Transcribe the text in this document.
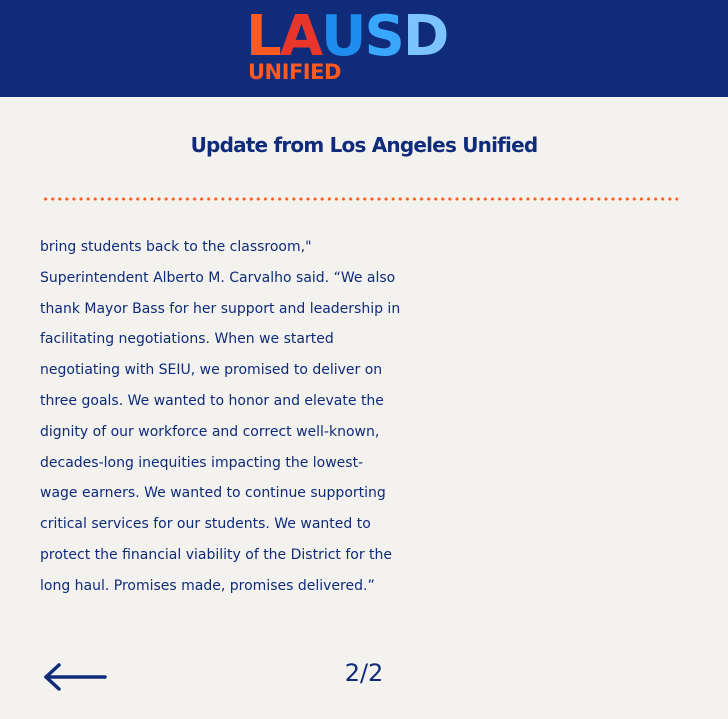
LAUSD
UNIFIED
Update from Los Angeles Unified
bring students back to the classroom,"
Superintendent Alberto M. Carvalho said. “We also
thank Mayor Bass for her support and leadership in
facilitating negotiations. When we started
negotiating with SEIU, we promised to deliver on
three goals. We wanted to honor and elevate the
dignity of our workforce and correct well-known,
decades-long inequities impacting the lowest-
wage earners. We wanted to continue supporting
critical services for our students. We wanted to
protect the financial viability of the District for the
long haul. Promises made, promises delivered.”
2/2
